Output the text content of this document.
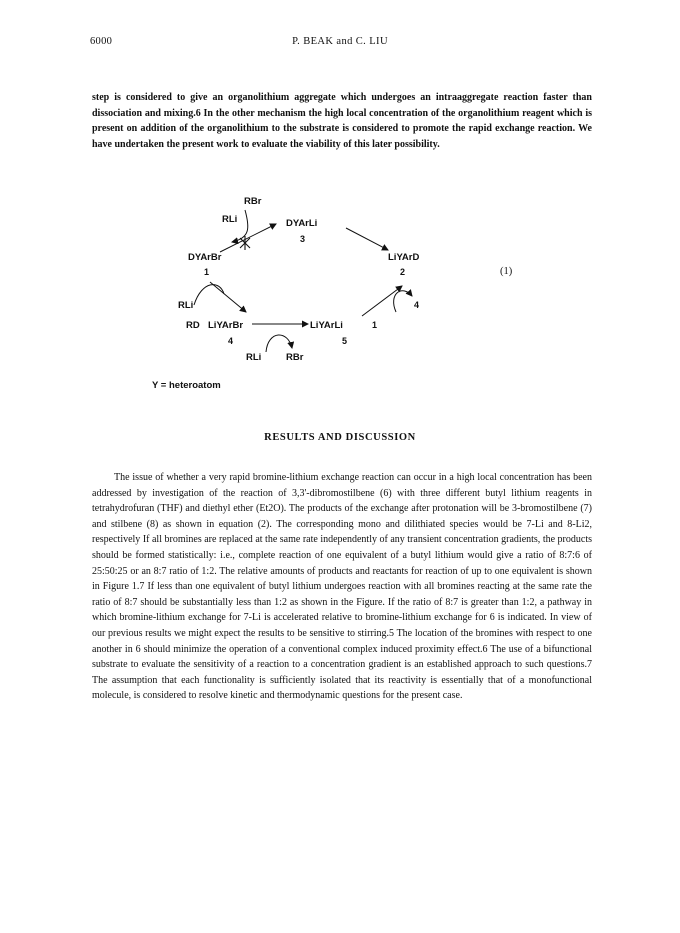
6000	P. BEAK and C. LIU

step is considered to give an organolithium aggregate which undergoes an intraaggregate reaction faster than dissociation and mixing.6 In the other mechanism the high local concentration of the organolithium reagent which is present on addition of the organolithium to the substrate is considered to promote the rapid exchange reaction. We have undertaken the present work to evaluate the viability of this later possibility.

RBr
RLi	DYArLi
3
DYArBr
1
LiYArD
2	(1)
RLi
RD
4
LiYArBr
4
LiYArLi
5
1
RLi	RBr
Y = heteroatom
RESULTS AND DISCUSSION

The issue of whether a very rapid bromine-lithium exchange reaction can occur in a high local concentration has been addressed by investigation of the reaction of 3,3'-dibromostilbene (6) with three different butyl lithium reagents in tetrahydrofuran (THF) and diethyl ether (Et2O). The products of the exchange after protonation will be 3-bromostilbene (7) and stilbene (8) as shown in equation (2). The corresponding mono and dilithiated species would be 7-Li and 8-Li2, respectively If all bromines are replaced at the same rate independently of any transient concentration gradients, the products should be formed statistically: i.e., complete reaction of one equivalent of a butyl lithium would give a ratio of 8:7:6 of 25:50:25 or an 8:7 ratio of 1:2. The relative amounts of products and reactants for reaction of up to one equivalent is shown in Figure 1.7 If less than one equivalent of butyl lithium undergoes reaction with all bromines reacting at the same rate the ratio of 8:7 should be substantially less than 1:2 as shown in the Figure. If the ratio of 8:7 is greater than 1:2, a pathway in which bromine-lithium exchange for 7-Li is accelerated relative to bromine-lithium exchange for 6 is indicated. In view of our previous results we might expect the results to be sensitive to stirring.5 The location of the bromines with respect to one another in 6 should minimize the operation of a conventional complex induced proximity effect.6 The use of a bifunctional substrate to evaluate the sensitivity of a reaction to a concentration gradient is an established approach to such questions.7 The assumption that each functionality is sufficiently isolated that its reactivity is essentially that of a monofunctional molecule, is considered to resolve kinetic and thermodynamic questions for the present case.
